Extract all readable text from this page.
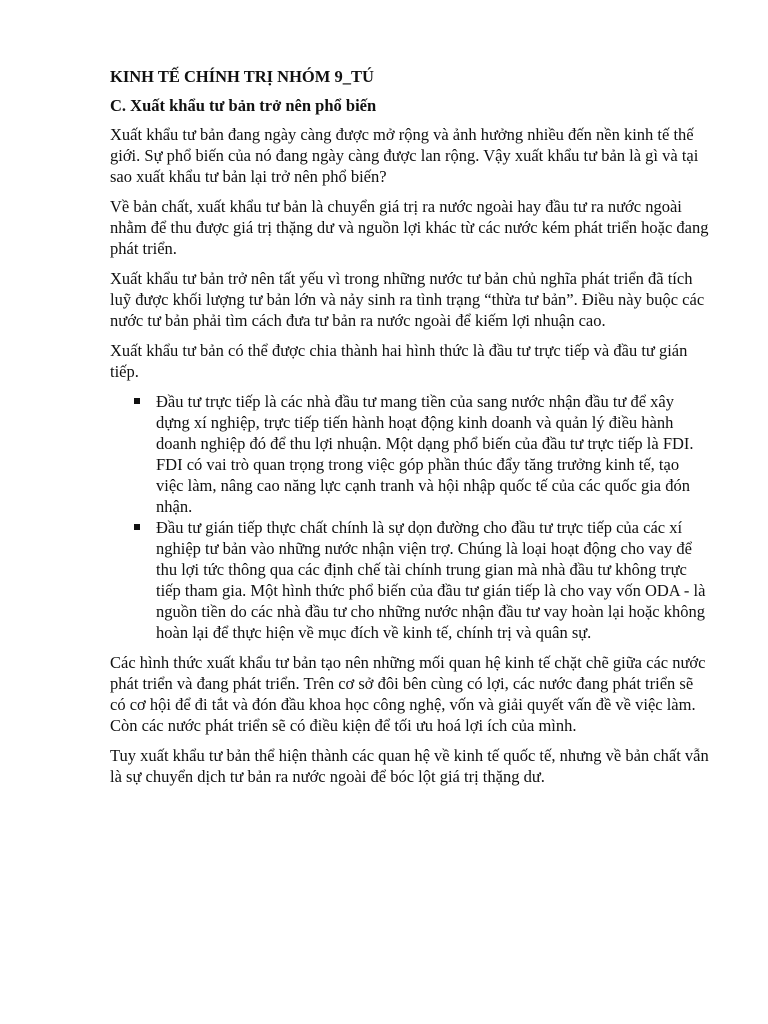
KINH TẾ CHÍNH TRỊ NHÓM 9_TÚ

C. Xuất khẩu tư bản trở nên phổ biến

Xuất khẩu tư bản đang ngày càng được mở rộng và ảnh hưởng nhiều đến nền kinh tế thế giới. Sự phổ biến của nó đang ngày càng được lan rộng. Vậy xuất khẩu tư bản là gì và tại sao xuất khẩu tư bản lại trở nên phổ biến?

Về bản chất, xuất khẩu tư bản là chuyển giá trị ra nước ngoài hay đầu tư ra nước ngoài nhằm để thu được giá trị thặng dư và nguồn lợi khác từ các nước kém phát triển hoặc đang phát triển.

Xuất khẩu tư bản trở nên tất yếu vì trong những nước tư bản chủ nghĩa phát triển đã tích luỹ được khối lượng tư bản lớn và nảy sinh ra tình trạng “thừa tư bản”. Điều này buộc các nước tư bản phải tìm cách đưa tư bản ra nước ngoài để kiếm lợi nhuận cao.

Xuất khẩu tư bản có thể được chia thành hai hình thức là đầu tư trực tiếp và đầu tư gián tiếp.

Đầu tư trực tiếp là các nhà đầu tư mang tiền của sang nước nhận đầu tư để xây dựng xí nghiệp, trực tiếp tiến hành hoạt động kinh doanh và quản lý điều hành doanh nghiệp đó để thu lợi nhuận. Một dạng phổ biến của đầu tư trực tiếp là FDI. FDI có vai trò quan trọng trong việc góp phần thúc đẩy tăng trưởng kinh tế, tạo việc làm, nâng cao năng lực cạnh tranh và hội nhập quốc tế của các quốc gia đón nhận.
Đầu tư gián tiếp thực chất chính là sự dọn đường cho đầu tư trực tiếp của các xí nghiệp tư bản vào những nước nhận viện trợ. Chúng là loại hoạt động cho vay để thu lợi tức thông qua các định chế tài chính trung gian mà nhà đầu tư không trực tiếp tham gia. Một hình thức phổ biến của đầu tư gián tiếp là cho vay vốn ODA - là nguồn tiền do các nhà đầu tư cho những nước nhận đầu tư vay hoàn lại hoặc không hoàn lại để thực hiện về mục đích về kinh tế, chính trị và quân sự.

Các hình thức xuất khẩu tư bản tạo nên những mối quan hệ kinh tế chặt chẽ giữa các nước phát triển và đang phát triển. Trên cơ sở đôi bên cùng có lợi, các nước đang phát triển sẽ có cơ hội để đi tắt và đón đầu khoa học công nghệ, vốn và giải quyết vấn đề về việc làm. Còn các nước phát triển sẽ có điều kiện để tối ưu hoá lợi ích của mình.

Tuy xuất khẩu tư bản thể hiện thành các quan hệ về kinh tế quốc tế, nhưng về bản chất vẫn là sự chuyển dịch tư bản ra nước ngoài để bóc lột giá trị thặng dư.
